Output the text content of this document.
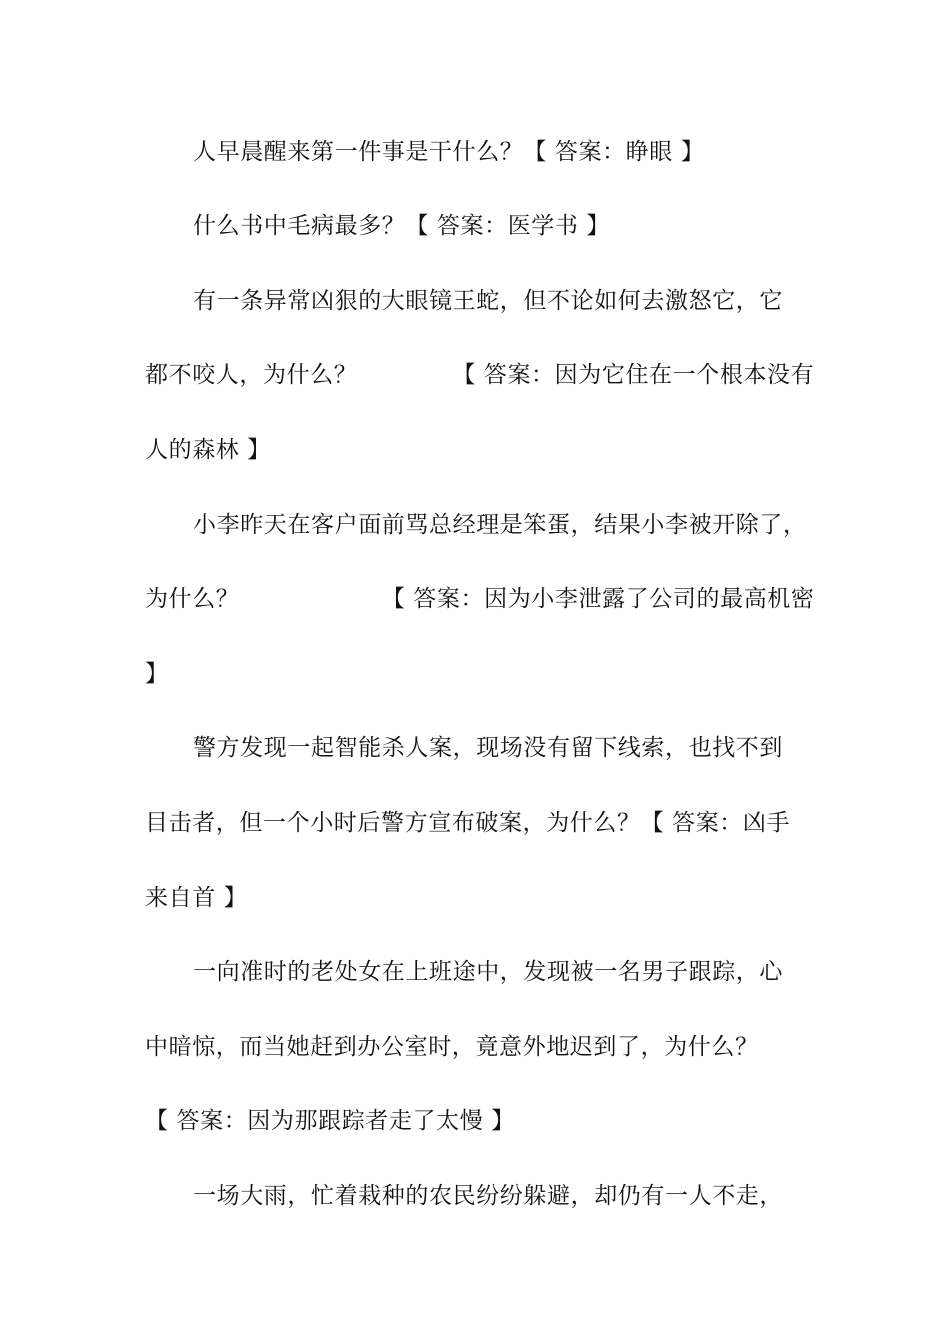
人早晨醒来第一件事是干什么？【 答案：睁眼 】
什么书中毛病最多？【 答案：医学书 】
有一条异常凶狠的大眼镜王蛇，但不论如何去激怒它，它
都不咬人，为什么？            【 答案：因为它住在一个根本没有
人的森林 】
小李昨天在客户面前骂总经理是笨蛋，结果小李被开除了，
为什么？                  【 答案：因为小李泄露了公司的最高机密
】
警方发现一起智能杀人案，现场没有留下线索，也找不到
目击者，但一个小时后警方宣布破案，为什么？【 答案：凶手
来自首 】
一向准时的老处女在上班途中，发现被一名男子跟踪，心
中暗惊，而当她赶到办公室时，竟意外地迟到了，为什么？
【 答案：因为那跟踪者走了太慢 】
一场大雨，忙着栽种的农民纷纷躲避，却仍有一人不走，
